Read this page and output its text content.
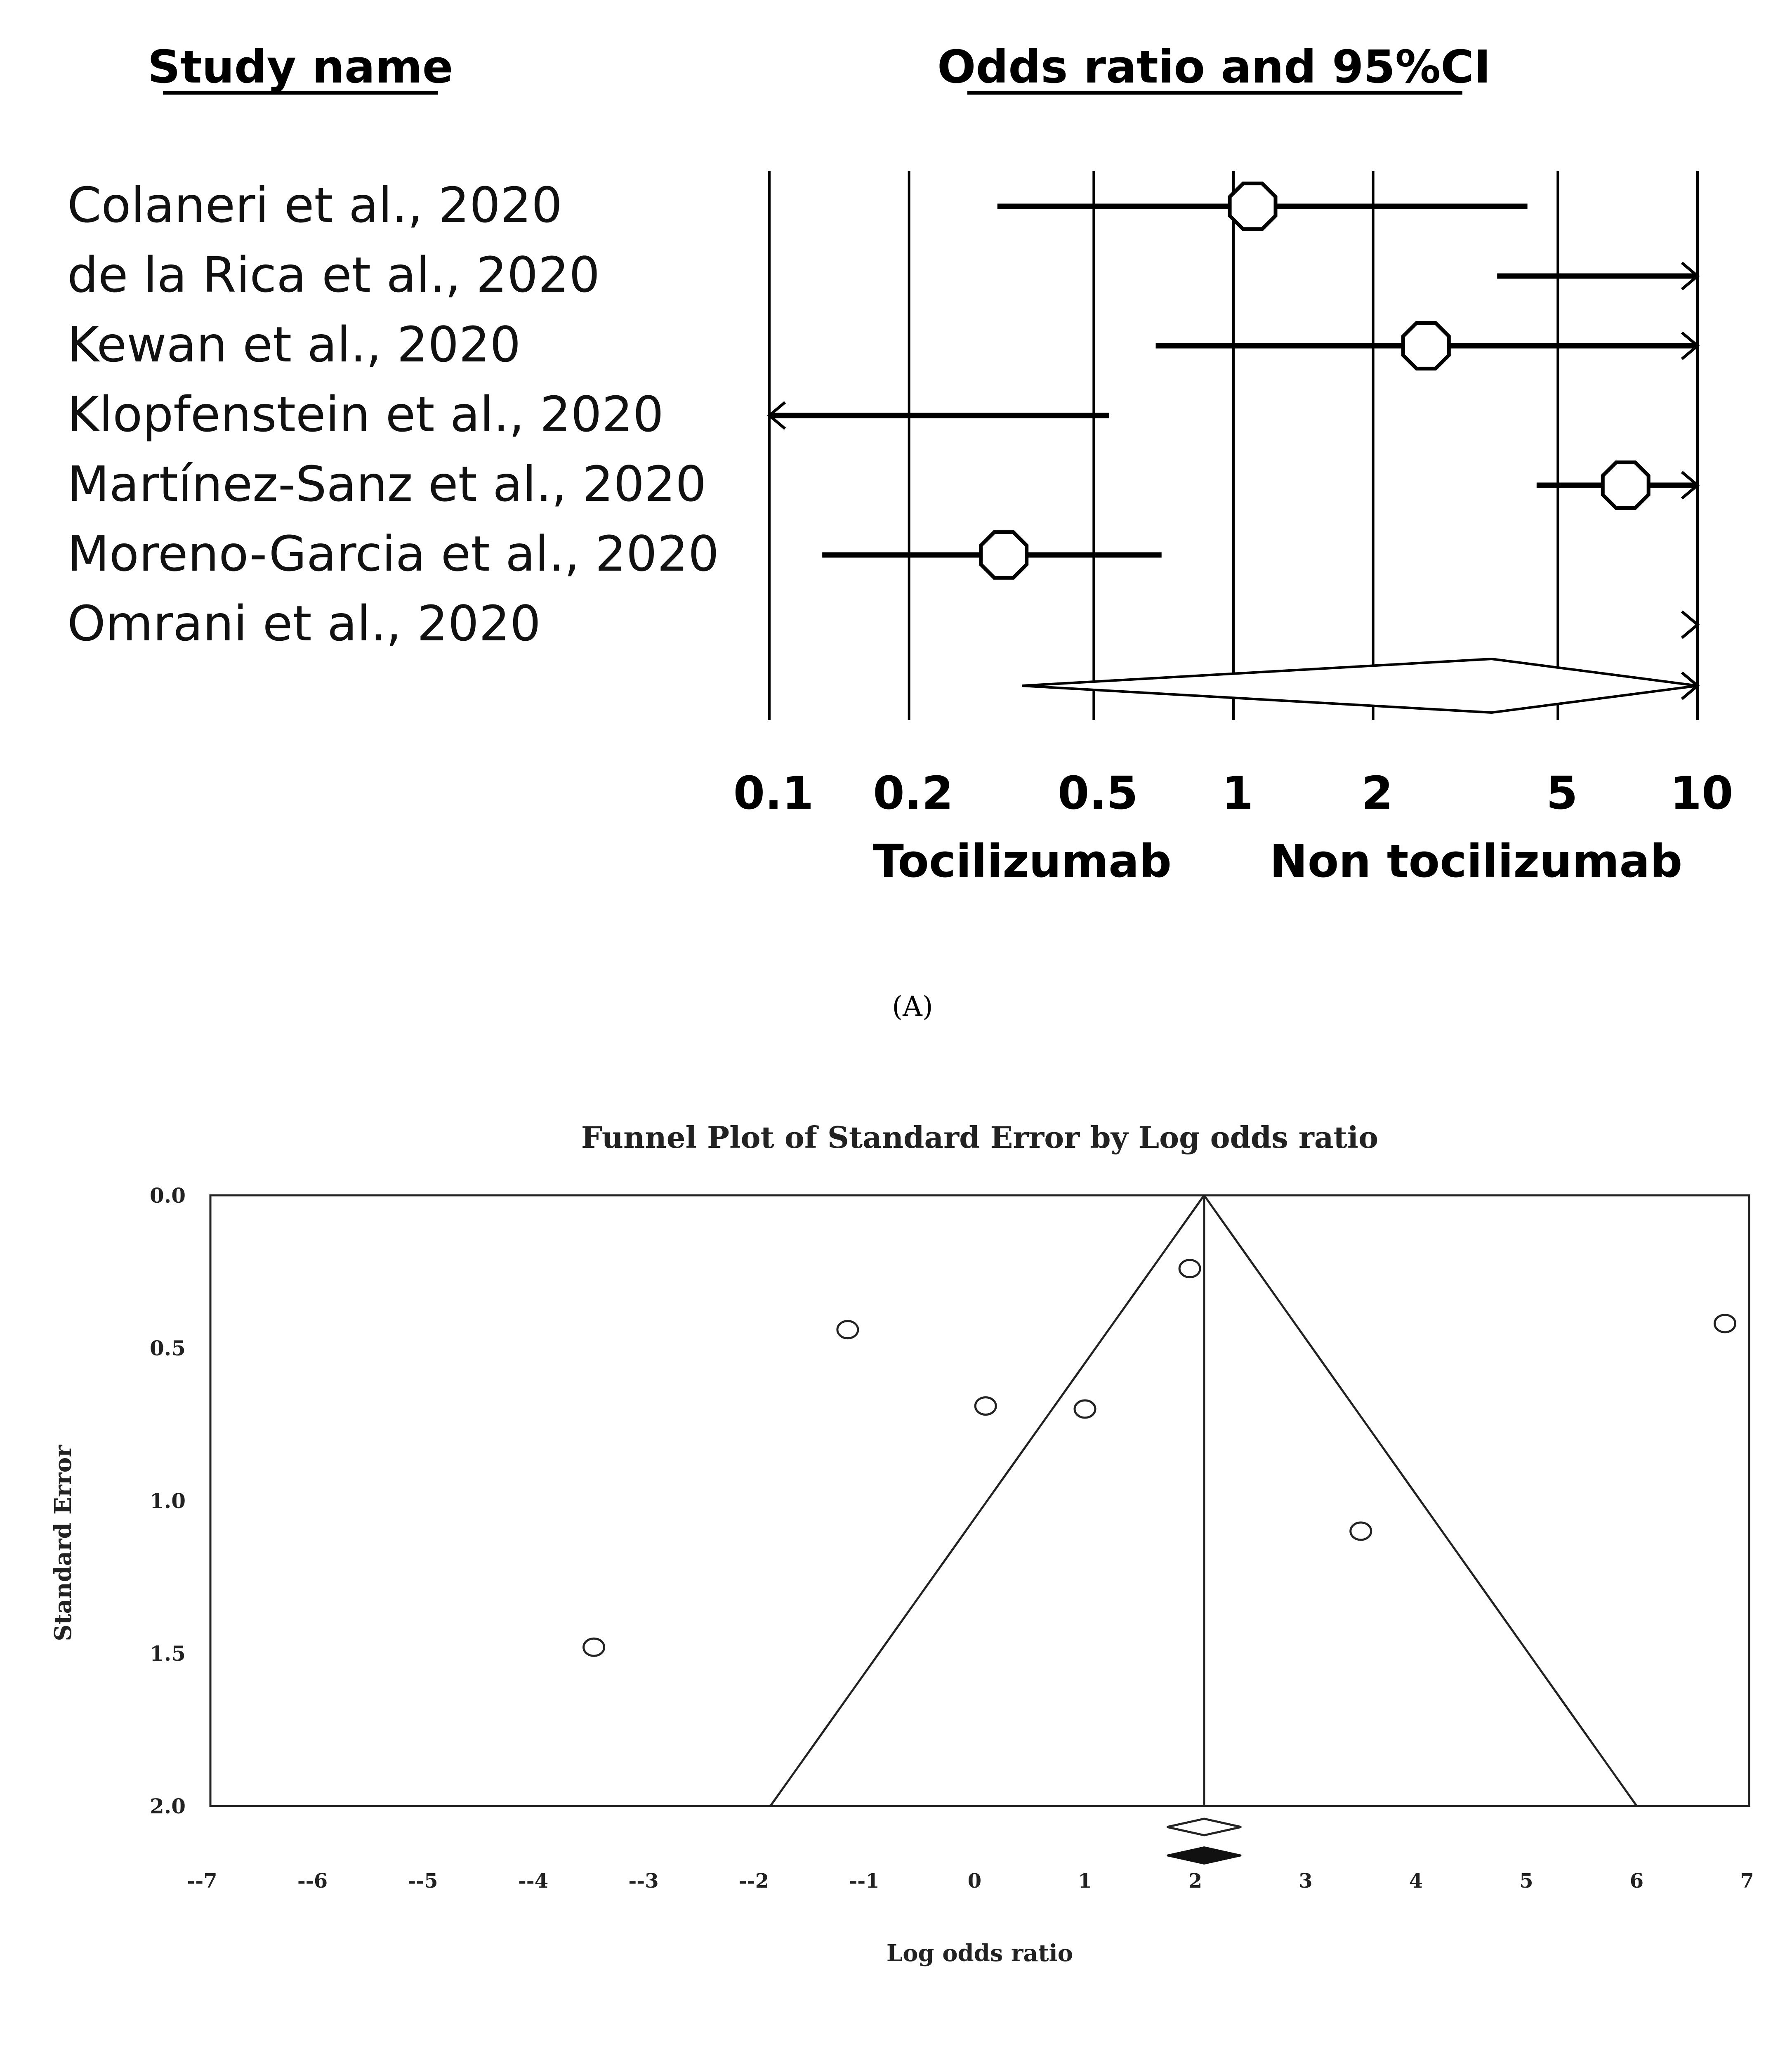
Study name	Odds ratio and 95%CI
Colaneri et al., 2020
de la Rica et al., 2020
Kewan et al., 2020
Klopfenstein et al., 2020
Martínez-Sanz et al., 2020
Moreno-Garcia et al., 2020
Omrani et al., 2020
0.1 0.2 0.5 1 2	5 10
Tocilizumab Non tocilizumab
(A)
Funnel Plot of Standard Error by Log odds ratio
0.0
0.5
1.0
1.5
2.0
--7	--6	--5	--4	--3	--2	--1	0	1	2	3	4	5	6	7
Log odds ratio
Standard Error
